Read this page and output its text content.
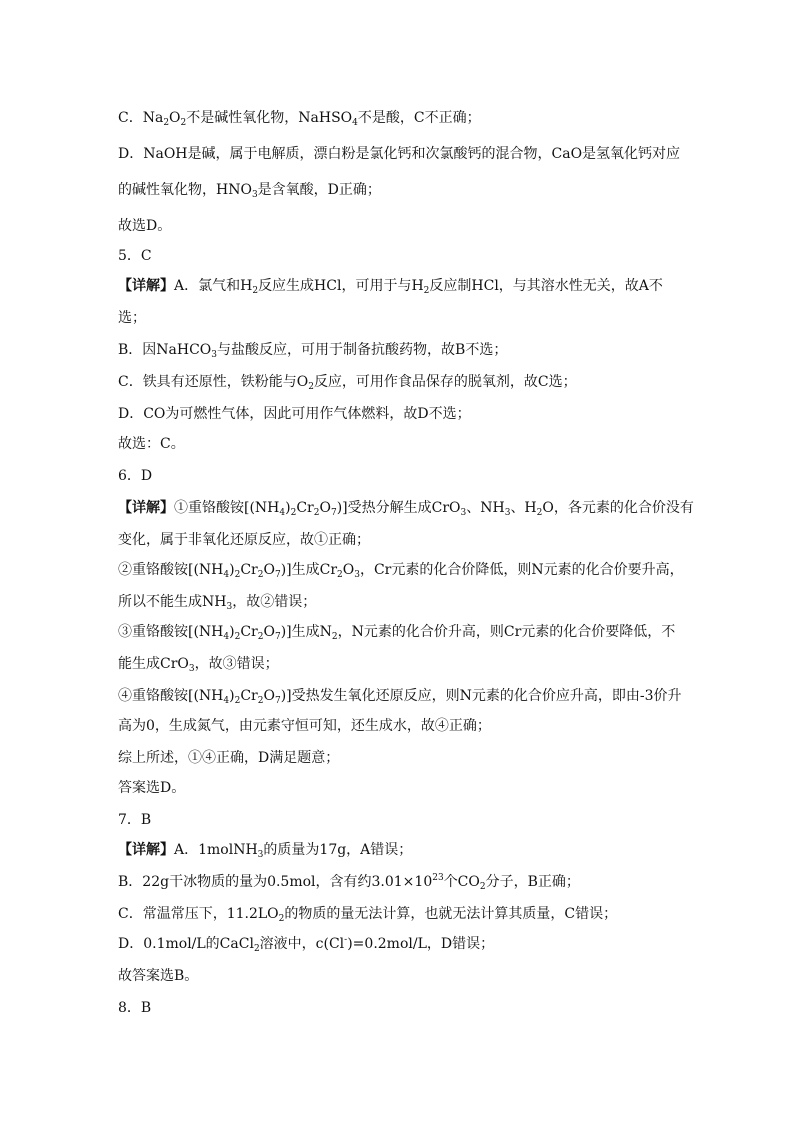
C．$Na_2O_2$不是碱性氧化物，NaHSO$_4$不是酸，C不正确；
D．NaOH是碱，属于电解质，漂白粉是氯化钙和次氯酸钙的混合物，CaO是氢氧化钙对应
的碱性氧化物，$HNO_3$是含氧酸，D正确；
故选D。
5．C
【详解】A．氯气和$H_2$反应生成HCl，可用于与$H_2$反应制HCl，与其溶水性无关，故A不
选；
B．因NaHCO$_3$与盐酸反应，可用于制备抗酸药物，故B不选；
C．铁具有还原性，铁粉能与$O_2$反应，可用作食品保存的脱氧剂，故C选；
D．CO为可燃性气体，因此可用作气体燃料，故D不选；
故选：C。
6．D
【详解】①重铬酸铵$[(NH_4)_2Cr_2O_7)$]受热分解生成CrO$_3$、$NH_3$、$H_2O$，各元素的化合价没有
变化，属于非氧化还原反应，故①正确；
②重铬酸铵$[(NH_4)_2Cr_2O_7)$]生成$Cr_2O_3$，Cr元素的化合价降低，则N元素的化合价要升高，
所以不能生成$NH_3$，故②错误；
③重铬酸铵$[(NH_4)_2Cr_2O_7)$]生成$N_2$，N元素的化合价升高，则Cr元素的化合价要降低，不
能生成CrO$_3$，故③错误；
④重铬酸铵$[(NH_4)_2Cr_2O_7)$]受热发生氧化还原反应，则N元素的化合价应升高，即由-3价升
高为0，生成氮气，由元素守恒可知，还生成水，故④正确；
综上所述，①④正确，D满足题意；
答案选D。
7．B
【详解】A．1molNH$_3$的质量为17g，A错误；
B．22g干冰物质的量为0.5mol，含有约$3.01\times 10^{23}$个$CO_2$分子，B正确；
C．常温常压下，$11.2LO_2$的物质的量无法计算，也就无法计算其质量，C错误；
D．0.1mol/L的CaCl$_2$溶液中，c(Cl-)=0.2mol/L，D错误；
故答案选B。
8．B
